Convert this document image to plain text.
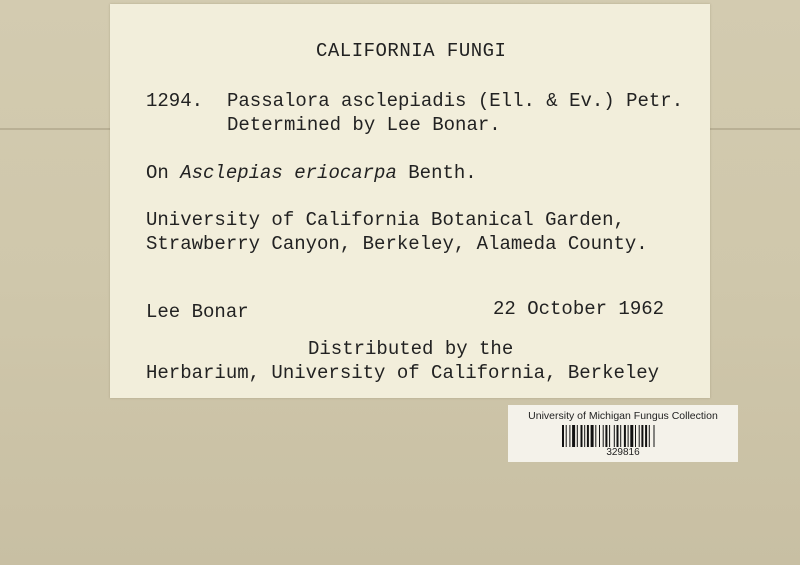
CALIFORNIA FUNGI
1294. Passalora asclepiadis (Ell. & Ev.) Petr.
Determined by Lee Bonar.
On Asclepias eriocarpa Benth.
University of California Botanical Garden,
Strawberry Canyon, Berkeley, Alameda County.
Lee Bonar	22 October 1962
Distributed by the
Herbarium, University of California, Berkeley
University of Michigan Fungus Collection
329816
